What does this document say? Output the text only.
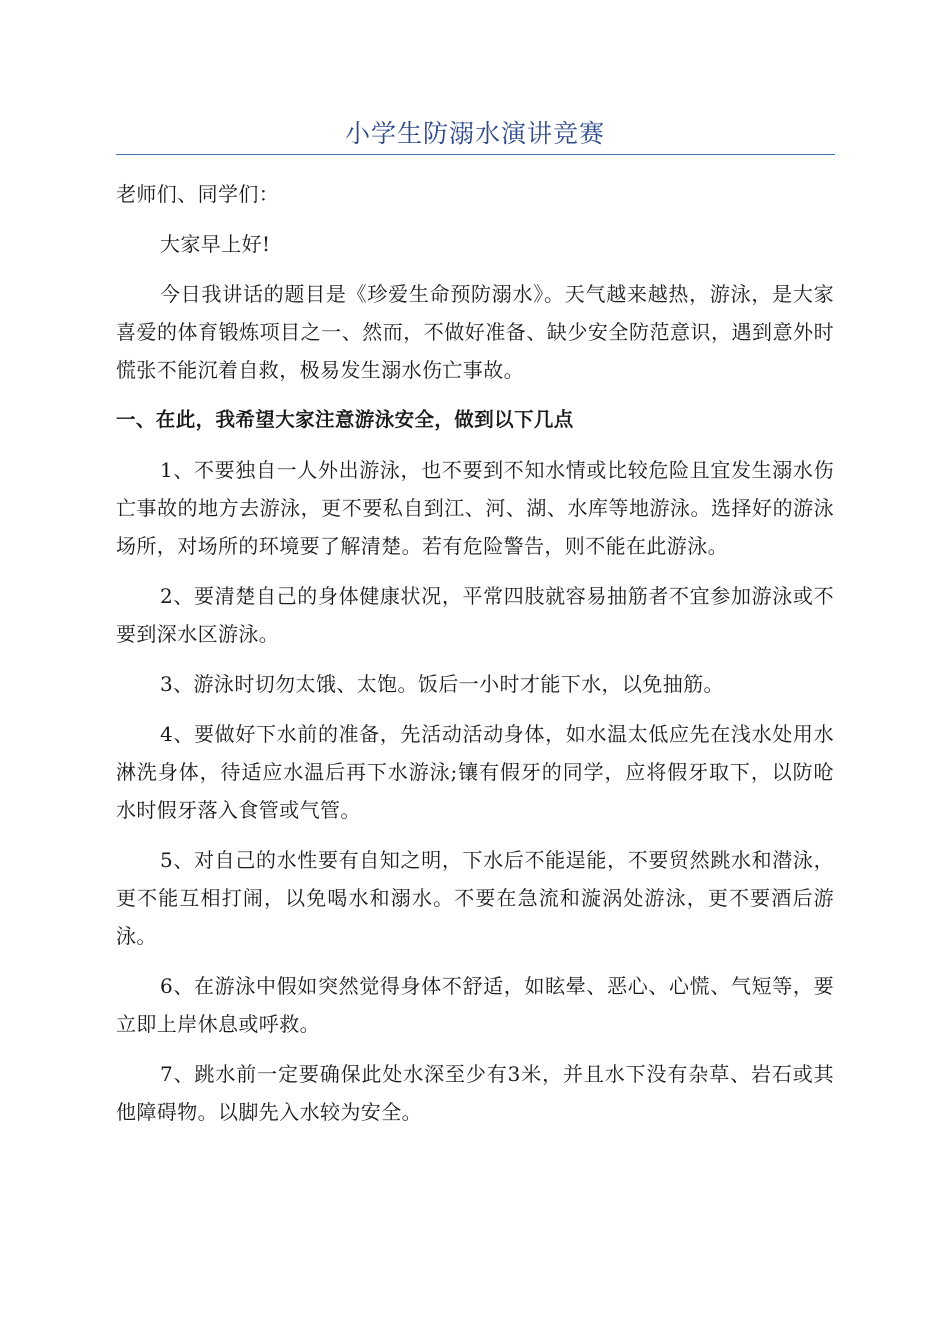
小学生防溺水演讲竞赛

老师们、同学们：

大家早上好!

今日我讲话的题目是《珍爱生命预防溺水》。天气越来越热，游泳，是大家喜爱的体育锻炼项目之一、然而，不做好准备、缺少安全防范意识，遇到意外时慌张不能沉着自救，极易发生溺水伤亡事故。

一、在此，我希望大家注意游泳安全，做到以下几点

1、不要独自一人外出游泳，也不要到不知水情或比较危险且宜发生溺水伤亡事故的地方去游泳，更不要私自到江、河、湖、水库等地游泳。选择好的游泳场所，对场所的环境要了解清楚。若有危险警告，则不能在此游泳。

2、要清楚自己的身体健康状况，平常四肢就容易抽筋者不宜参加游泳或不要到深水区游泳。

3、游泳时切勿太饿、太饱。饭后一小时才能下水，以免抽筋。

4、要做好下水前的准备，先活动活动身体，如水温太低应先在浅水处用水淋洗身体，待适应水温后再下水游泳;镶有假牙的同学，应将假牙取下，以防呛水时假牙落入食管或气管。

5、对自己的水性要有自知之明，下水后不能逞能，不要贸然跳水和潜泳，更不能互相打闹，以免喝水和溺水。不要在急流和漩涡处游泳，更不要酒后游泳。

6、在游泳中假如突然觉得身体不舒适，如眩晕、恶心、心慌、气短等，要立即上岸休息或呼救。

7、跳水前一定要确保此处水深至少有3米，并且水下没有杂草、岩石或其他障碍物。以脚先入水较为安全。
